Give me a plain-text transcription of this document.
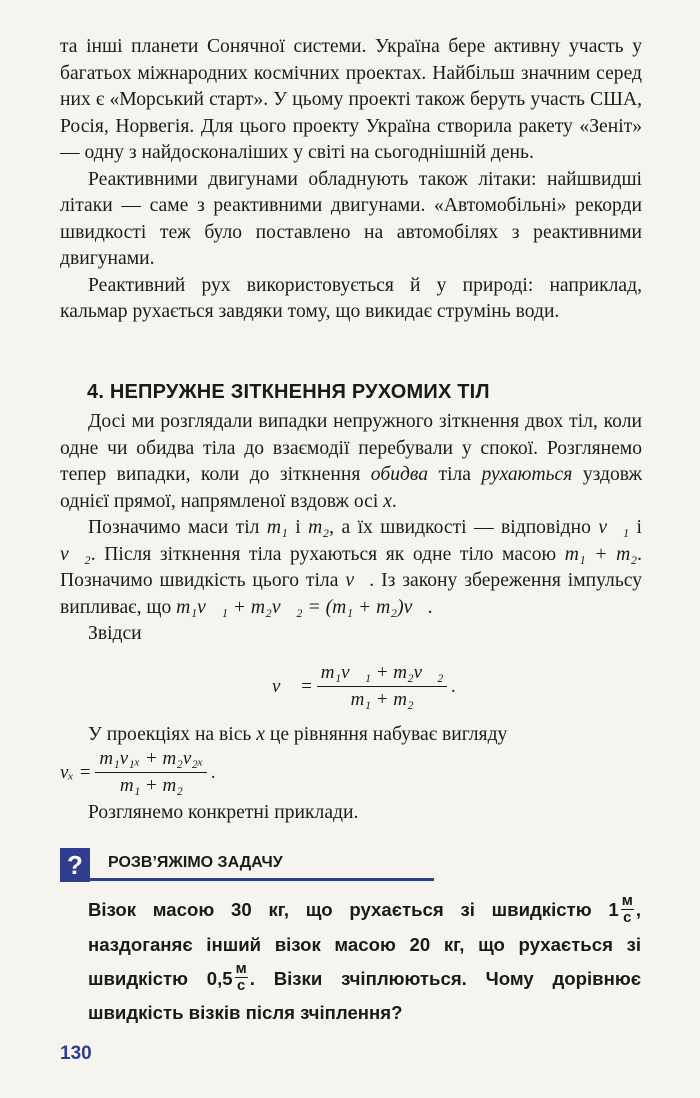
та інші планети Сонячної системи. Україна бере активну участь у багатьох міжнародних космічних проектах. Найбільш значним серед них є «Морський старт». У цьому проекті також беруть участь США, Росія, Норвегія. Для цього проекту Україна створила ракету «Зеніт» — одну з найдосконаліших у світі на сьогоднішній день.

Реактивними двигунами обладнують також літаки: найшвидші літаки — саме з реактивними двигунами. «Автомобільні» рекорди швидкості теж було поставлено на автомобілях з реактивними двигунами.

Реактивний рух використовується й у природі: наприклад, кальмар рухається завдяки тому, що викидає струмінь води.

4. НЕПРУЖНЕ ЗІТКНЕННЯ РУХОМИХ ТІЛ

Досі ми розглядали випадки непружного зіткнення двох тіл, коли одне чи обидва тіла до взаємодії перебували у спокої. Розглянемо тепер випадки, коли до зіткнення обидва тіла рухаються уздовж однієї прямої, напрямленої вздовж осі x.

Позначимо маси тіл m₁ і m₂, а їх швидкості — відповідно v⃗₁ і v⃗₂. Після зіткнення тіла рухаються як одне тіло масою m₁ + m₂. Позначимо швидкість цього тіла v⃗. Із закону збереження імпульсу випливає, що m₁v⃗₁ + m₂v⃗₂ = (m₁ + m₂)v⃗.

Звідси

v⃗ = $\frac{\text{m₁v⃗₁ + m₂v⃗₂}}{\text{m₁ + m₂}}$ .

У проекціях на вісь x це рівняння набуває вигляду

$v_x = \frac{\text{m₁v₁ₓ + m₂v₂ₓ}}{\text{m₁ + m₂}}$ .

Розглянемо конкретні приклади.

?	РОЗВ’ЯЖІМО ЗАДАЧУ
Візок масою 30 кг, що рухається зі швидкістю 1 м
с , наздоганяє інший візок масою 20 кг, що рухається зі швидкістю 0,5 м
с . Візки зчіплюються. Чому дорівнює швидкість візків після зчіплення?
130
